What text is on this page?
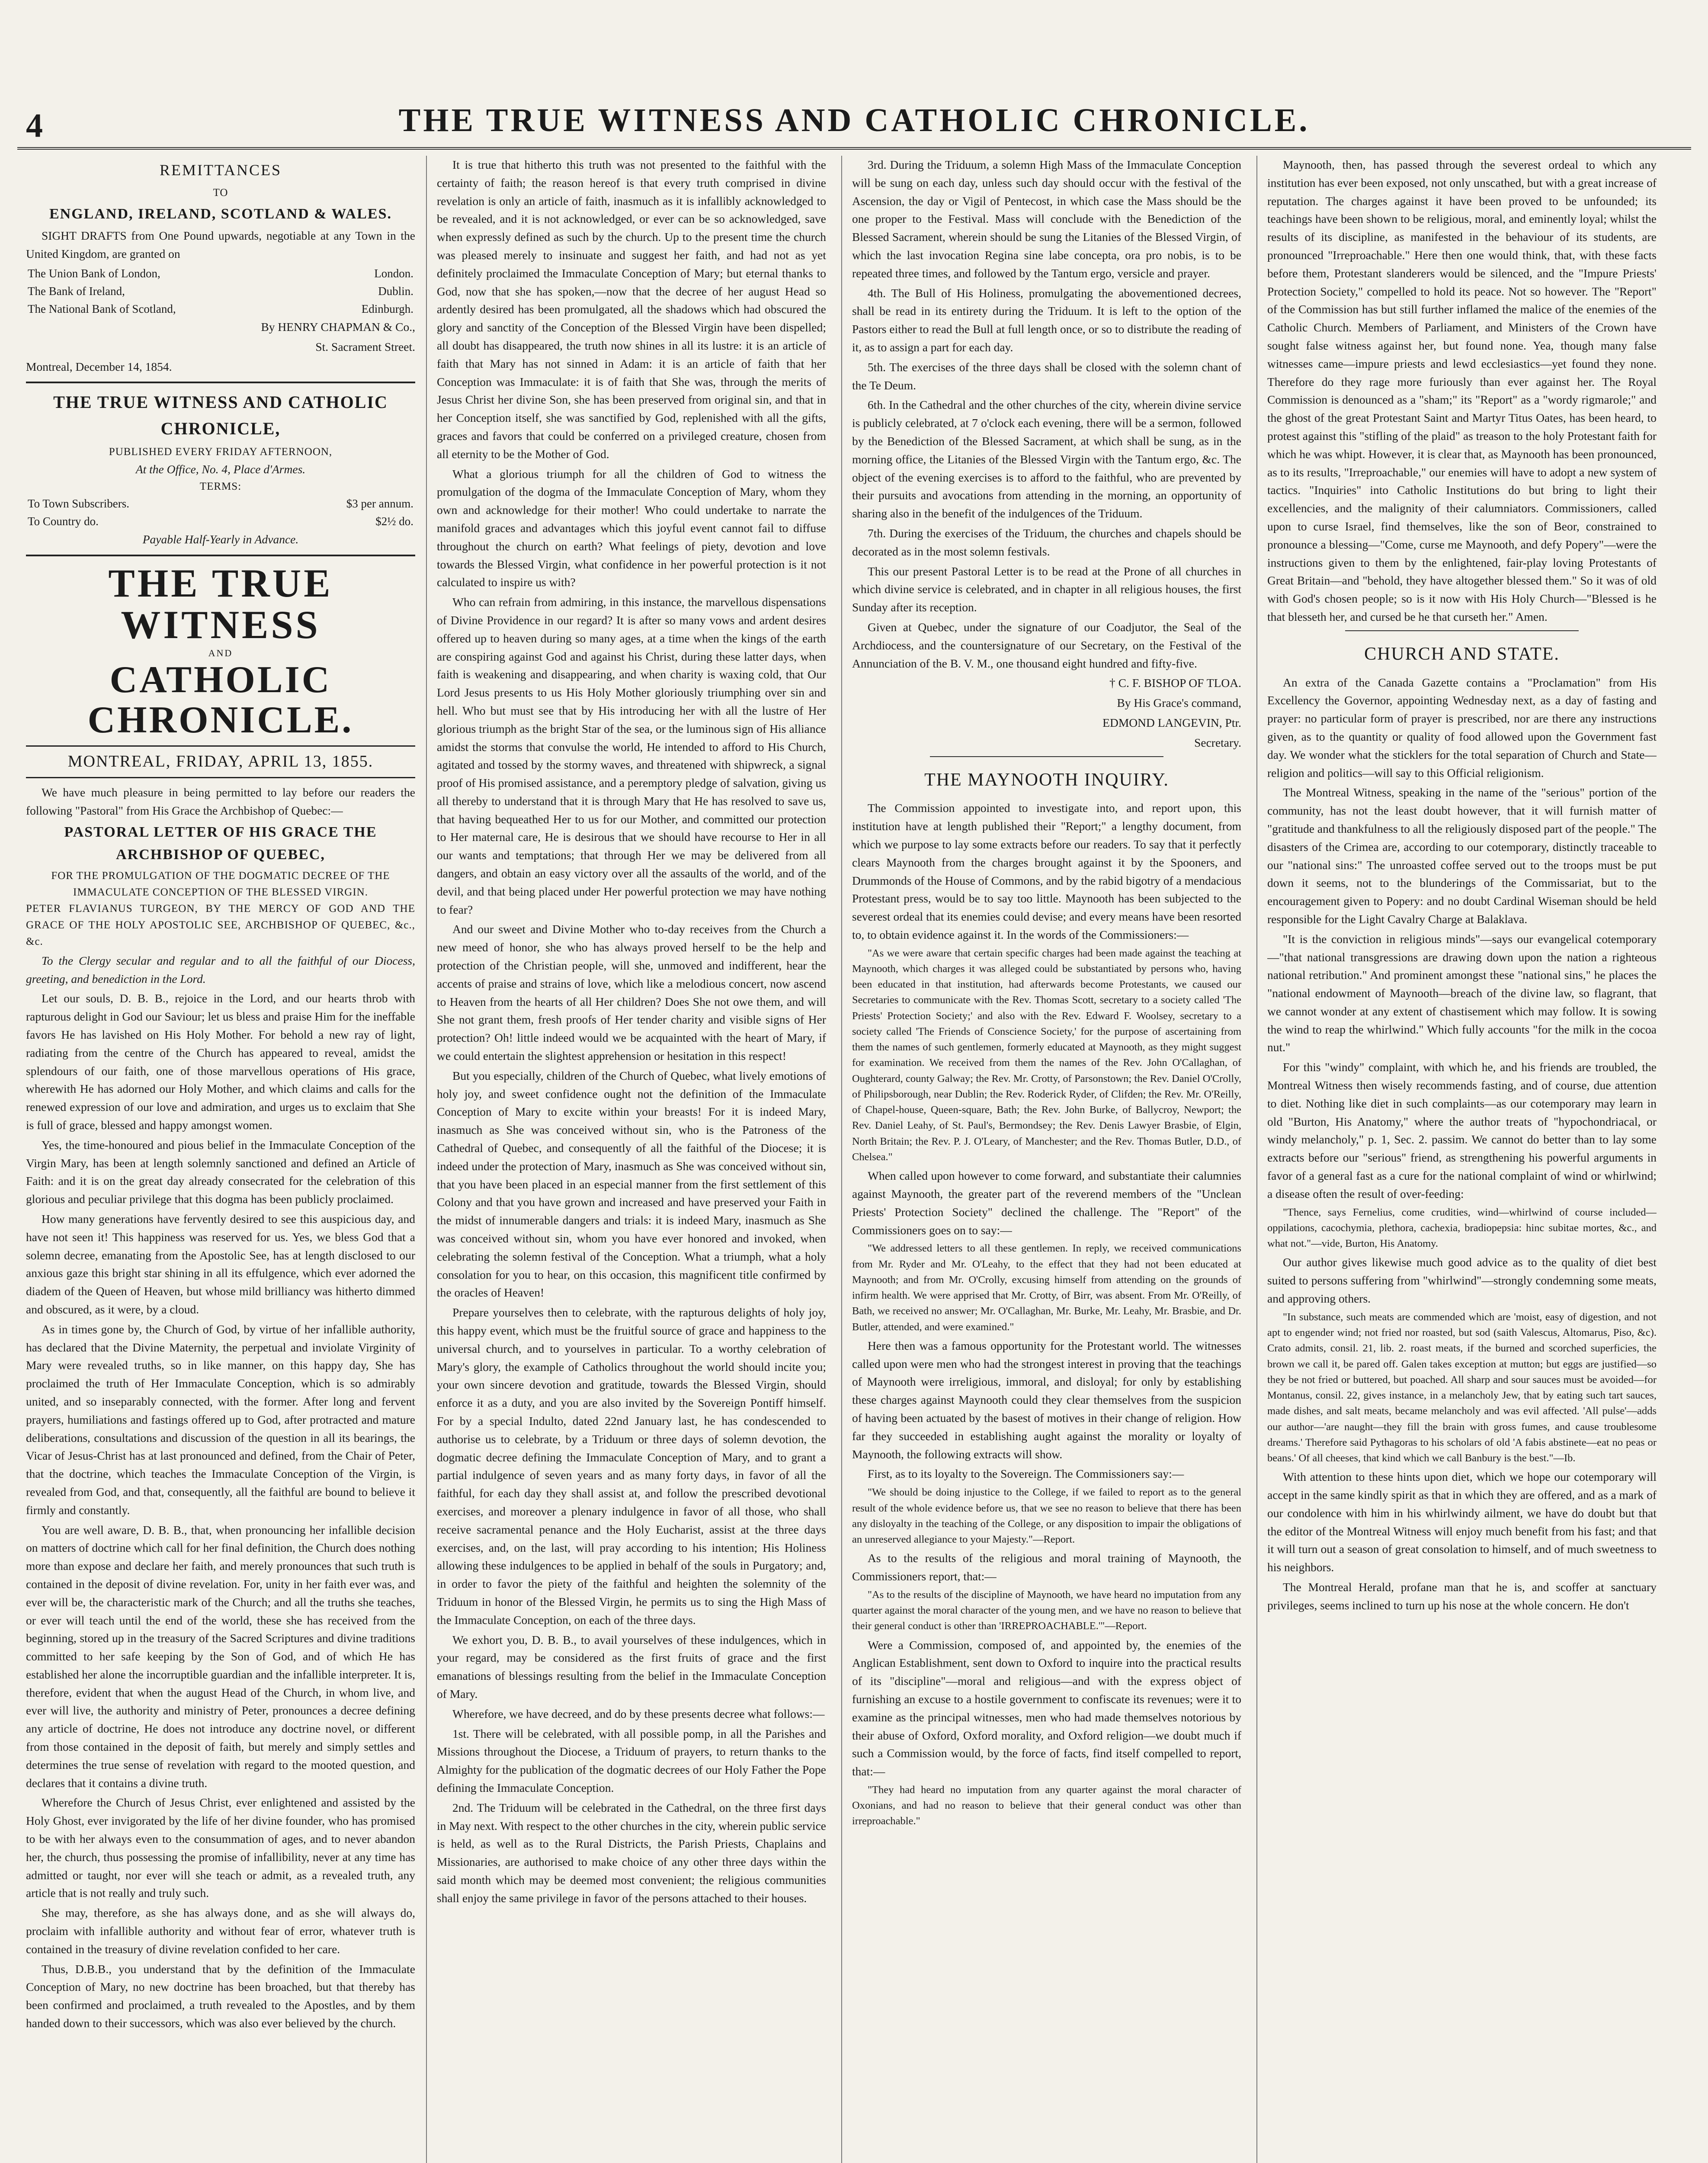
4	THE TRUE WITNESS AND CATHOLIC CHRONICLE.
REMITTANCES
TO
ENGLAND, IRELAND, SCOTLAND & WALES.

SIGHT DRAFTS from One Pound upwards, negotiable at any Town in the United Kingdom, are granted on

The Union Bank of London,	London.
The Bank of Ireland,	Dublin.
The National Bank of Scotland,	Edinburgh.

By HENRY CHAPMAN & Co.,

St. Sacrament Street.

Montreal, December 14, 1854.

THE TRUE WITNESS AND CATHOLIC CHRONICLE,
PUBLISHED EVERY FRIDAY AFTERNOON,
At the Office, No. 4, Place d'Armes.
TERMS:
To Town Subscribers.	$3 per annum.
To Country do.	$2½ do.
Payable Half-Yearly in Advance.
THE TRUE WITNESS
AND
CATHOLIC CHRONICLE.
MONTREAL, FRIDAY, APRIL 13, 1855.

We have much pleasure in being permitted to lay before our readers the following "Pastoral" from His Grace the Archbishop of Quebec:—

PASTORAL LETTER OF HIS GRACE THE ARCHBISHOP OF QUEBEC,
FOR THE PROMULGATION OF THE DOGMATIC DECREE OF THE IMMACULATE CONCEPTION OF THE BLESSED VIRGIN.

PETER FLAVIANUS TURGEON, BY THE MERCY OF GOD AND THE GRACE OF THE HOLY APOSTOLIC SEE, ARCHBISHOP OF QUEBEC, &c., &c.

To the Clergy secular and regular and to all the faithful of our Diocess, greeting, and benediction in the Lord.

Let our souls, D. B. B., rejoice in the Lord, and our hearts throb with rapturous delight in God our Saviour; let us bless and praise Him for the ineffable favors He has lavished on His Holy Mother. For behold a new ray of light, radiating from the centre of the Church has appeared to reveal, amidst the splendours of our faith, one of those marvellous operations of His grace, wherewith He has adorned our Holy Mother, and which claims and calls for the renewed expression of our love and admiration, and urges us to exclaim that She is full of grace, blessed and happy amongst women.

Yes, the time-honoured and pious belief in the Immaculate Conception of the Virgin Mary, has been at length solemnly sanctioned and defined an Article of Faith: and it is on the great day already consecrated for the celebration of this glorious and peculiar privilege that this dogma has been publicly proclaimed.

How many generations have fervently desired to see this auspicious day, and have not seen it! This happiness was reserved for us. Yes, we bless God that a solemn decree, emanating from the Apostolic See, has at length disclosed to our anxious gaze this bright star shining in all its effulgence, which ever adorned the diadem of the Queen of Heaven, but whose mild brilliancy was hitherto dimmed and obscured, as it were, by a cloud.

As in times gone by, the Church of God, by virtue of her infallible authority, has declared that the Divine Maternity, the perpetual and inviolate Virginity of Mary were revealed truths, so in like manner, on this happy day, She has proclaimed the truth of Her Immaculate Conception, which is so admirably united, and so inseparably connected, with the former. After long and fervent prayers, humiliations and fastings offered up to God, after protracted and mature deliberations, consultations and discussion of the question in all its bearings, the Vicar of Jesus-Christ has at last pronounced and defined, from the Chair of Peter, that the doctrine, which teaches the Immaculate Conception of the Virgin, is revealed from God, and that, consequently, all the faithful are bound to believe it firmly and constantly.

You are well aware, D. B. B., that, when pronouncing her infallible decision on matters of doctrine which call for her final definition, the Church does nothing more than expose and declare her faith, and merely pronounces that such truth is contained in the deposit of divine revelation. For, unity in her faith ever was, and ever will be, the characteristic mark of the Church; and all the truths she teaches, or ever will teach until the end of the world, these she has received from the beginning, stored up in the treasury of the Sacred Scriptures and divine traditions committed to her safe keeping by the Son of God, and of which He has established her alone the incorruptible guardian and the infallible interpreter. It is, therefore, evident that when the august Head of the Church, in whom live, and ever will live, the authority and ministry of Peter, pronounces a decree defining any article of doctrine, He does not introduce any doctrine novel, or different from those contained in the deposit of faith, but merely and simply settles and determines the true sense of revelation with regard to the mooted question, and declares that it contains a divine truth.

Wherefore the Church of Jesus Christ, ever enlightened and assisted by the Holy Ghost, ever invigorated by the life of her divine founder, who has promised to be with her always even to the consummation of ages, and to never abandon her, the church, thus possessing the promise of infallibility, never at any time has admitted or taught, nor ever will she teach or admit, as a revealed truth, any article that is not really and truly such.

She may, therefore, as she has always done, and as she will always do, proclaim with infallible authority and without fear of error, whatever truth is contained in the treasury of divine revelation confided to her care.

Thus, D.B.B., you understand that by the definition of the Immaculate Conception of Mary, no new doctrine has been broached, but that thereby has been confirmed and proclaimed, a truth revealed to the Apostles, and by them handed down to their successors, which was also ever believed by the church.

It is true that hitherto this truth was not presented to the faithful with the certainty of faith; the reason hereof is that every truth comprised in divine revelation is only an article of faith, inasmuch as it is infallibly acknowledged to be revealed, and it is not acknowledged, or ever can be so acknowledged, save when expressly defined as such by the church. Up to the present time the church was pleased merely to insinuate and suggest her faith, and had not as yet definitely proclaimed the Immaculate Conception of Mary; but eternal thanks to God, now that she has spoken,—now that the decree of her august Head so ardently desired has been promulgated, all the shadows which had obscured the glory and sanctity of the Conception of the Blessed Virgin have been dispelled; all doubt has disappeared, the truth now shines in all its lustre: it is an article of faith that Mary has not sinned in Adam: it is an article of faith that her Conception was Immaculate: it is of faith that She was, through the merits of Jesus Christ her divine Son, she has been preserved from original sin, and that in her Conception itself, she was sanctified by God, replenished with all the gifts, graces and favors that could be conferred on a privileged creature, chosen from all eternity to be the Mother of God.

What a glorious triumph for all the children of God to witness the promulgation of the dogma of the Immaculate Conception of Mary, whom they own and acknowledge for their mother! Who could undertake to narrate the manifold graces and advantages which this joyful event cannot fail to diffuse throughout the church on earth? What feelings of piety, devotion and love towards the Blessed Virgin, what confidence in her powerful protection is it not calculated to inspire us with?

Who can refrain from admiring, in this instance, the marvellous dispensations of Divine Providence in our regard? It is after so many vows and ardent desires offered up to heaven during so many ages, at a time when the kings of the earth are conspiring against God and against his Christ, during these latter days, when faith is weakening and disappearing, and when charity is waxing cold, that Our Lord Jesus presents to us His Holy Mother gloriously triumphing over sin and hell. Who but must see that by His introducing her with all the lustre of Her glorious triumph as the bright Star of the sea, or the luminous sign of His alliance amidst the storms that convulse the world, He intended to afford to His Church, agitated and tossed by the stormy waves, and threatened with shipwreck, a signal proof of His promised assistance, and a peremptory pledge of salvation, giving us all thereby to understand that it is through Mary that He has resolved to save us, that having bequeathed Her to us for our Mother, and committed our protection to Her maternal care, He is desirous that we should have recourse to Her in all our wants and temptations; that through Her we may be delivered from all dangers, and obtain an easy victory over all the assaults of the world, and of the devil, and that being placed under Her powerful protection we may have nothing to fear?

And our sweet and Divine Mother who to-day receives from the Church a new meed of honor, she who has always proved herself to be the help and protection of the Christian people, will she, unmoved and indifferent, hear the accents of praise and strains of love, which like a melodious concert, now ascend to Heaven from the hearts of all Her children? Does She not owe them, and will She not grant them, fresh proofs of Her tender charity and visible signs of Her protection? Oh! little indeed would we be acquainted with the heart of Mary, if we could entertain the slightest apprehension or hesitation in this respect!

But you especially, children of the Church of Quebec, what lively emotions of holy joy, and sweet confidence ought not the definition of the Immaculate Conception of Mary to excite within your breasts! For it is indeed Mary, inasmuch as She was conceived without sin, who is the Patroness of the Cathedral of Quebec, and consequently of all the faithful of the Diocese; it is indeed under the protection of Mary, inasmuch as She was conceived without sin, that you have been placed in an especial manner from the first settlement of this Colony and that you have grown and increased and have preserved your Faith in the midst of innumerable dangers and trials: it is indeed Mary, inasmuch as She was conceived without sin, whom you have ever honored and invoked, when celebrating the solemn festival of the Conception. What a triumph, what a holy consolation for you to hear, on this occasion, this magnificent title confirmed by the oracles of Heaven!

Prepare yourselves then to celebrate, with the rapturous delights of holy joy, this happy event, which must be the fruitful source of grace and happiness to the universal church, and to yourselves in particular. To a worthy celebration of Mary's glory, the example of Catholics throughout the world should incite you; your own sincere devotion and gratitude, towards the Blessed Virgin, should enforce it as a duty, and you are also invited by the Sovereign Pontiff himself. For by a special Indulto, dated 22nd January last, he has condescended to authorise us to celebrate, by a Triduum or three days of solemn devotion, the dogmatic decree defining the Immaculate Conception of Mary, and to grant a partial indulgence of seven years and as many forty days, in favor of all the faithful, for each day they shall assist at, and follow the prescribed devotional exercises, and moreover a plenary indulgence in favor of all those, who shall receive sacramental penance and the Holy Eucharist, assist at the three days exercises, and, on the last, will pray according to his intention; His Holiness allowing these indulgences to be applied in behalf of the souls in Purgatory; and, in order to favor the piety of the faithful and heighten the solemnity of the Triduum in honor of the Blessed Virgin, he permits us to sing the High Mass of the Immaculate Conception, on each of the three days.

We exhort you, D. B. B., to avail yourselves of these indulgences, which in your regard, may be considered as the first fruits of grace and the first emanations of blessings resulting from the belief in the Immaculate Conception of Mary.

Wherefore, we have decreed, and do by these presents decree what follows:—

1st. There will be celebrated, with all possible pomp, in all the Parishes and Missions throughout the Diocese, a Triduum of prayers, to return thanks to the Almighty for the publication of the dogmatic decrees of our Holy Father the Pope defining the Immaculate Conception.

2nd. The Triduum will be celebrated in the Cathedral, on the three first days in May next. With respect to the other churches in the city, wherein public service is held, as well as to the Rural Districts, the Parish Priests, Chaplains and Missionaries, are authorised to make choice of any other three days within the said month which may be deemed most convenient; the religious communities shall enjoy the same privilege in favor of the persons attached to their houses.

3rd. During the Triduum, a solemn High Mass of the Immaculate Conception will be sung on each day, unless such day should occur with the festival of the Ascension, the day or Vigil of Pentecost, in which case the Mass should be the one proper to the Festival. Mass will conclude with the Benediction of the Blessed Sacrament, wherein should be sung the Litanies of the Blessed Virgin, of which the last invocation Regina sine labe concepta, ora pro nobis, is to be repeated three times, and followed by the Tantum ergo, versicle and prayer.

4th. The Bull of His Holiness, promulgating the abovementioned decrees, shall be read in its entirety during the Triduum. It is left to the option of the Pastors either to read the Bull at full length once, or so to distribute the reading of it, as to assign a part for each day.

5th. The exercises of the three days shall be closed with the solemn chant of the Te Deum.

6th. In the Cathedral and the other churches of the city, wherein divine service is publicly celebrated, at 7 o'clock each evening, there will be a sermon, followed by the Benediction of the Blessed Sacrament, at which shall be sung, as in the morning office, the Litanies of the Blessed Virgin with the Tantum ergo, &c. The object of the evening exercises is to afford to the faithful, who are prevented by their pursuits and avocations from attending in the morning, an opportunity of sharing also in the benefit of the indulgences of the Triduum.

7th. During the exercises of the Triduum, the churches and chapels should be decorated as in the most solemn festivals.

This our present Pastoral Letter is to be read at the Prone of all churches in which divine service is celebrated, and in chapter in all religious houses, the first Sunday after its reception.

Given at Quebec, under the signature of our Coadjutor, the Seal of the Archdiocess, and the countersignature of our Secretary, on the Festival of the Annunciation of the B. V. M., one thousand eight hundred and fifty-five.

† C. F. BISHOP OF TLOA.

By His Grace's command,

EDMOND LANGEVIN, Ptr.

Secretary.

THE MAYNOOTH INQUIRY.

The Commission appointed to investigate into, and report upon, this institution have at length published their "Report;" a lengthy document, from which we purpose to lay some extracts before our readers. To say that it perfectly clears Maynooth from the charges brought against it by the Spooners, and Drummonds of the House of Commons, and by the rabid bigotry of a mendacious Protestant press, would be to say too little. Maynooth has been subjected to the severest ordeal that its enemies could devise; and every means have been resorted to, to obtain evidence against it. In the words of the Commissioners:—

"As we were aware that certain specific charges had been made against the teaching at Maynooth, which charges it was alleged could be substantiated by persons who, having been educated in that institution, had afterwards become Protestants, we caused our Secretaries to communicate with the Rev. Thomas Scott, secretary to a society called 'The Priests' Protection Society;' and also with the Rev. Edward F. Woolsey, secretary to a society called 'The Friends of Conscience Society,' for the purpose of ascertaining from them the names of such gentlemen, formerly educated at Maynooth, as they might suggest for examination. We received from them the names of the Rev. John O'Callaghan, of Oughterard, county Galway; the Rev. Mr. Crotty, of Parsonstown; the Rev. Daniel O'Crolly, of Philipsborough, near Dublin; the Rev. Roderick Ryder, of Clifden; the Rev. Mr. O'Reilly, of Chapel-house, Queen-square, Bath; the Rev. John Burke, of Ballycroy, Newport; the Rev. Daniel Leahy, of St. Paul's, Bermondsey; the Rev. Denis Lawyer Brasbie, of Elgin, North Britain; the Rev. P. J. O'Leary, of Manchester; and the Rev. Thomas Butler, D.D., of Chelsea."

When called upon however to come forward, and substantiate their calumnies against Maynooth, the greater part of the reverend members of the "Unclean Priests' Protection Society" declined the challenge. The "Report" of the Commissioners goes on to say:—

"We addressed letters to all these gentlemen. In reply, we received communications from Mr. Ryder and Mr. O'Leahy, to the effect that they had not been educated at Maynooth; and from Mr. O'Crolly, excusing himself from attending on the grounds of infirm health. We were apprised that Mr. Crotty, of Birr, was absent. From Mr. O'Reilly, of Bath, we received no answer; Mr. O'Callaghan, Mr. Burke, Mr. Leahy, Mr. Brasbie, and Dr. Butler, attended, and were examined."

Here then was a famous opportunity for the Protestant world. The witnesses called upon were men who had the strongest interest in proving that the teachings of Maynooth were irreligious, immoral, and disloyal; for only by establishing these charges against Maynooth could they clear themselves from the suspicion of having been actuated by the basest of motives in their change of religion. How far they succeeded in establishing aught against the morality or loyalty of Maynooth, the following extracts will show.

First, as to its loyalty to the Sovereign. The Commissioners say:—

"We should be doing injustice to the College, if we failed to report as to the general result of the whole evidence before us, that we see no reason to believe that there has been any disloyalty in the teaching of the College, or any disposition to impair the obligations of an unreserved allegiance to your Majesty."—Report.

As to the results of the religious and moral training of Maynooth, the Commissioners report, that:—

"As to the results of the discipline of Maynooth, we have heard no imputation from any quarter against the moral character of the young men, and we have no reason to believe that their general conduct is other than 'IRREPROACHABLE.'"—Report.

Were a Commission, composed of, and appointed by, the enemies of the Anglican Establishment, sent down to Oxford to inquire into the practical results of its "discipline"—moral and religious—and with the express object of furnishing an excuse to a hostile government to confiscate its revenues; were it to examine as the principal witnesses, men who had made themselves notorious by their abuse of Oxford, Oxford morality, and Oxford religion—we doubt much if such a Commission would, by the force of facts, find itself compelled to report, that:—

"They had heard no imputation from any quarter against the moral character of Oxonians, and had no reason to believe that their general conduct was other than irreproachable."

Maynooth, then, has passed through the severest ordeal to which any institution has ever been exposed, not only unscathed, but with a great increase of reputation. The charges against it have been proved to be unfounded; its teachings have been shown to be religious, moral, and eminently loyal; whilst the results of its discipline, as manifested in the behaviour of its students, are pronounced "Irreproachable." Here then one would think, that, with these facts before them, Protestant slanderers would be silenced, and the "Impure Priests' Protection Society," compelled to hold its peace. Not so however. The "Report" of the Commission has but still further inflamed the malice of the enemies of the Catholic Church. Members of Parliament, and Ministers of the Crown have sought false witness against her, but found none. Yea, though many false witnesses came—impure priests and lewd ecclesiastics—yet found they none. Therefore do they rage more furiously than ever against her. The Royal Commission is denounced as a "sham;" its "Report" as a "wordy rigmarole;" and the ghost of the great Protestant Saint and Martyr Titus Oates, has been heard, to protest against this "stifling of the plaid" as treason to the holy Protestant faith for which he was whipt. However, it is clear that, as Maynooth has been pronounced, as to its results, "Irreproachable," our enemies will have to adopt a new system of tactics. "Inquiries" into Catholic Institutions do but bring to light their excellencies, and the malignity of their calumniators. Commissioners, called upon to curse Israel, find themselves, like the son of Beor, constrained to pronounce a blessing—"Come, curse me Maynooth, and defy Popery"—were the instructions given to them by the enlightened, fair-play loving Protestants of Great Britain—and "behold, they have altogether blessed them." So it was of old with God's chosen people; so is it now with His Holy Church—"Blessed is he that blesseth her, and cursed be he that curseth her." Amen.

CHURCH AND STATE.

An extra of the Canada Gazette contains a "Proclamation" from His Excellency the Governor, appointing Wednesday next, as a day of fasting and prayer: no particular form of prayer is prescribed, nor are there any instructions given, as to the quantity or quality of food allowed upon the Government fast day. We wonder what the sticklers for the total separation of Church and State—religion and politics—will say to this Official religionism.

The Montreal Witness, speaking in the name of the "serious" portion of the community, has not the least doubt however, that it will furnish matter of "gratitude and thankfulness to all the religiously disposed part of the people." The disasters of the Crimea are, according to our cotemporary, distinctly traceable to our "national sins:" The unroasted coffee served out to the troops must be put down it seems, not to the blunderings of the Commissariat, but to the encouragement given to Popery: and no doubt Cardinal Wiseman should be held responsible for the Light Cavalry Charge at Balaklava.

"It is the conviction in religious minds"—says our evangelical cotemporary—"that national transgressions are drawing down upon the nation a righteous national retribution." And prominent amongst these "national sins," he places the "national endowment of Maynooth—breach of the divine law, so flagrant, that we cannot wonder at any extent of chastisement which may follow. It is sowing the wind to reap the whirlwind." Which fully accounts "for the milk in the cocoa nut."

For this "windy" complaint, with which he, and his friends are troubled, the Montreal Witness then wisely recommends fasting, and of course, due attention to diet. Nothing like diet in such complaints—as our cotemporary may learn in old "Burton, His Anatomy," where the author treats of "hypochondriacal, or windy melancholy," p. 1, Sec. 2. passim. We cannot do better than to lay some extracts before our "serious" friend, as strengthening his powerful arguments in favor of a general fast as a cure for the national complaint of wind or whirlwind; a disease often the result of over-feeding:

"Thence, says Fernelius, come crudities, wind—whirlwind of course included—oppilations, cacochymia, plethora, cachexia, bradiopepsia: hinc subitae mortes, &c., and what not."—vide, Burton, His Anatomy.

Our author gives likewise much good advice as to the quality of diet best suited to persons suffering from "whirlwind"—strongly condemning some meats, and approving others.

"In substance, such meats are commended which are 'moist, easy of digestion, and not apt to engender wind; not fried nor roasted, but sod (saith Valescus, Altomarus, Piso, &c). Crato admits, consil. 21, lib. 2. roast meats, if the burned and scorched superficies, the brown we call it, be pared off. Galen takes exception at mutton; but eggs are justified—so they be not fried or buttered, but poached. All sharp and sour sauces must be avoided—for Montanus, consil. 22, gives instance, in a melancholy Jew, that by eating such tart sauces, made dishes, and salt meats, became melancholy and was evil affected. 'All pulse'—adds our author—'are naught—they fill the brain with gross fumes, and cause troublesome dreams.' Therefore said Pythagoras to his scholars of old 'A fabis abstinete—eat no peas or beans.' Of all cheeses, that kind which we call Banbury is the best."—Ib.

With attention to these hints upon diet, which we hope our cotemporary will accept in the same kindly spirit as that in which they are offered, and as a mark of our condolence with him in his whirlwindy ailment, we have do doubt but that the editor of the Montreal Witness will enjoy much benefit from his fast; and that it will turn out a season of great consolation to himself, and of much sweetness to his neighbors.

The Montreal Herald, profane man that he is, and scoffer at sanctuary privileges, seems inclined to turn up his nose at the whole concern. He don't
